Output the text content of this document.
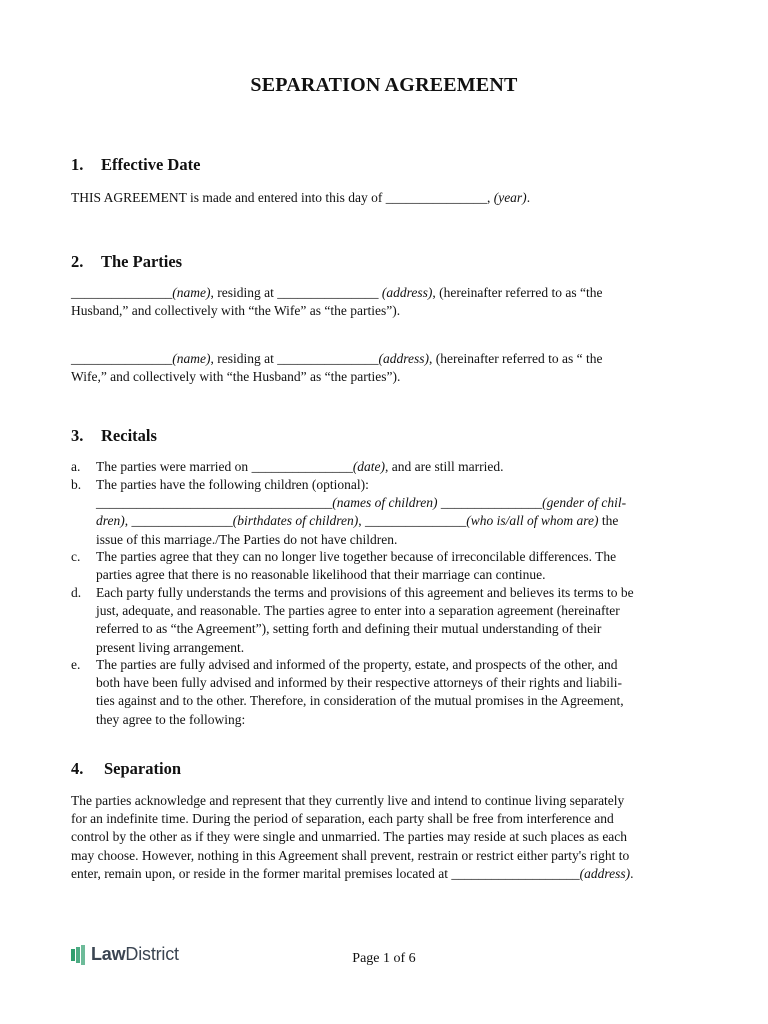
SEPARATION AGREEMENT
1. Effective Date
THIS AGREEMENT is made and entered into this day of _______________, (year).
2. The Parties
_______________(name), residing at _______________ (address), (hereinafter referred to as “the
Husband,” and collectively with “the Wife” as “the parties”).
_______________(name), residing at _______________(address), (hereinafter referred to as “ the
Wife,” and collectively with “the Husband” as “the parties”).
3. Recitals
a. The parties were married on _______________(date), and are still married.
b. The parties have the following children (optional):
___________________________________(names of children) _______________(gender of chil-
dren), _______________(birthdates of children), _______________(who is/all of whom are) the
issue of this marriage./The Parties do not have children.
c. The parties agree that they can no longer live together because of irreconcilable differences. The
parties agree that there is no reasonable likelihood that their marriage can continue.
d. Each party fully understands the terms and provisions of this agreement and believes its terms to be
just, adequate, and reasonable. The parties agree to enter into a separation agreement (hereinafter
referred to as “the Agreement”), setting forth and defining their mutual understanding of their
present living arrangement.
e. The parties are fully advised and informed of the property, estate, and prospects of the other, and
both have been fully advised and informed by their respective attorneys of their rights and liabili-
ties against and to the other. Therefore, in consideration of the mutual promises in the Agreement,
they agree to the following:
4. Separation
The parties acknowledge and represent that they currently live and intend to continue living separately
for an indefinite time. During the period of separation, each party shall be free from interference and
control by the other as if they were single and unmarried. The parties may reside at such places as each
may choose. However, nothing in this Agreement shall prevent, restrain or restrict either party's right to
enter, remain upon, or reside in the former marital premises located at ___________________(address).
LawDistrict	Page 1 of 6
